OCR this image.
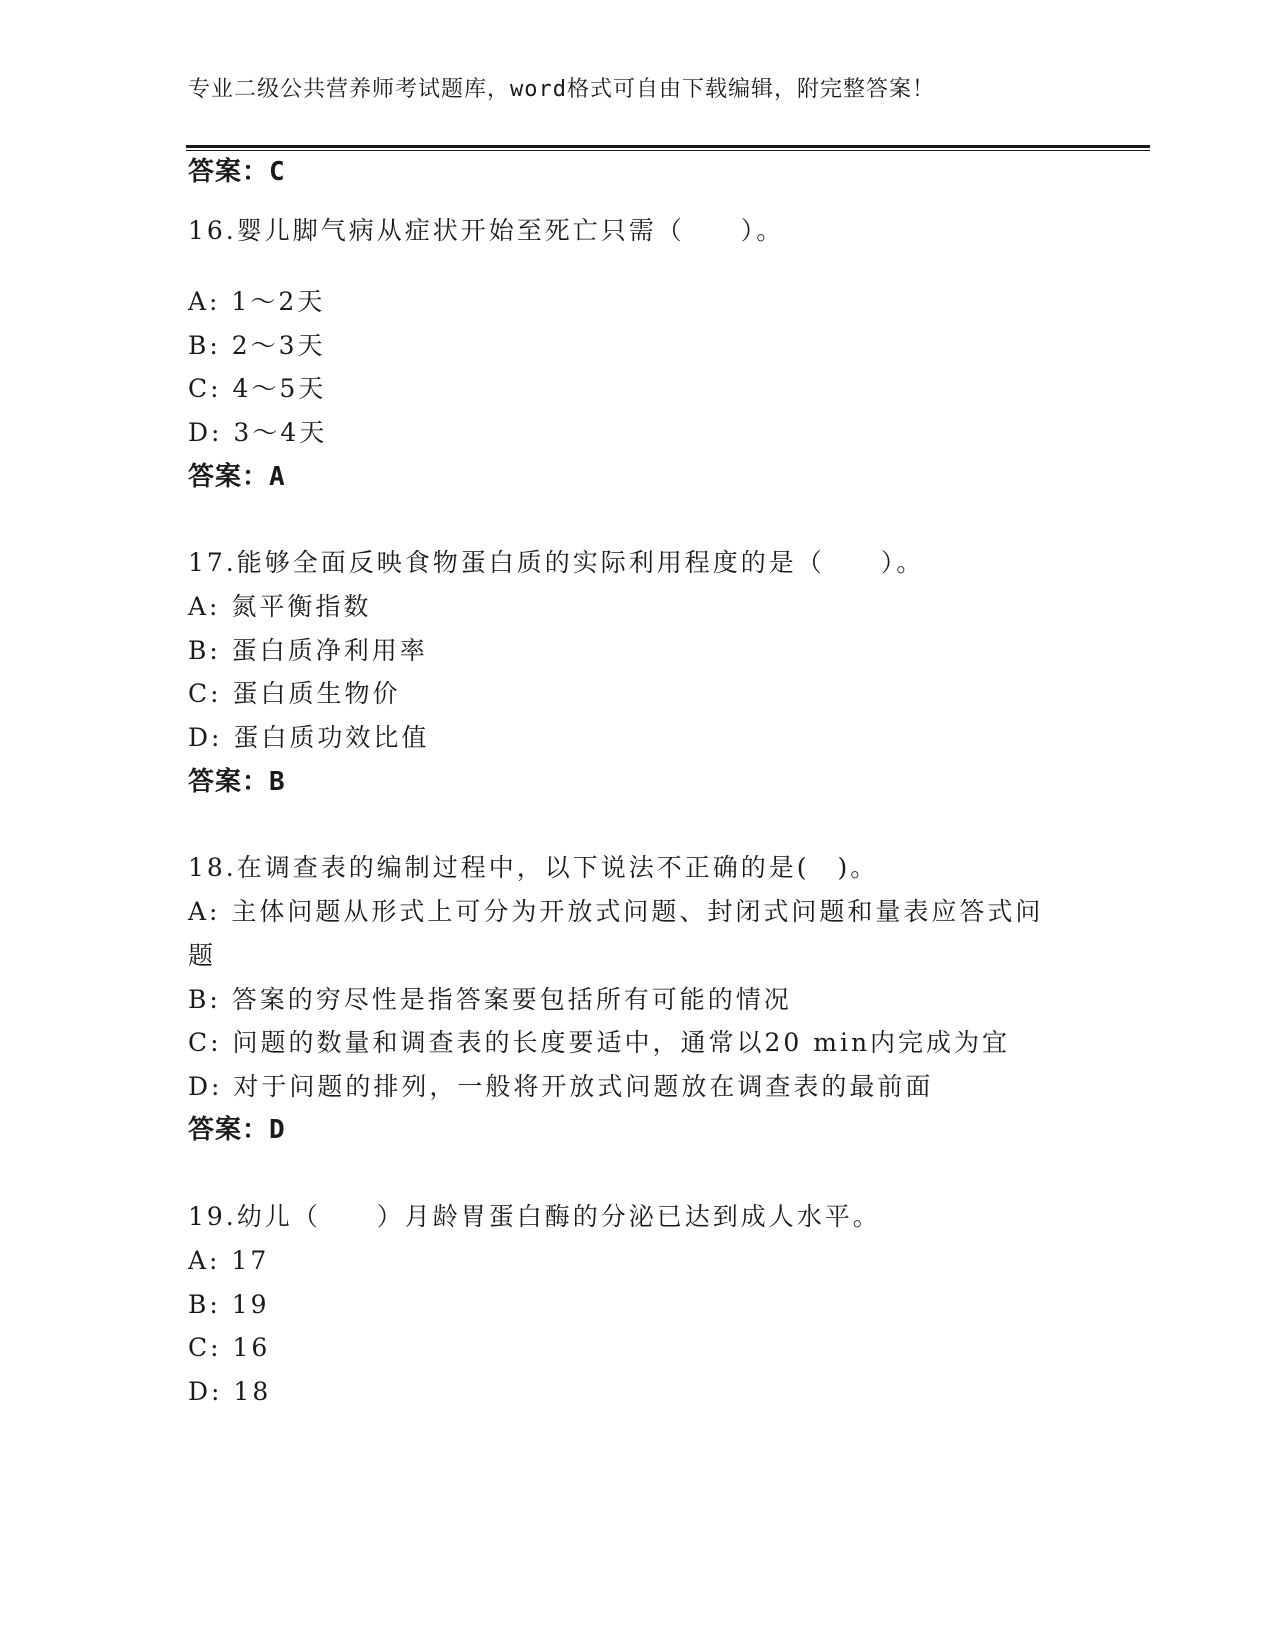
专业二级公共营养师考试题库，word格式可自由下载编辑，附完整答案！
答案：C
16.婴儿脚气病从症状开始至死亡只需（　　）。
A: 1～2天
B: 2～3天
C: 4～5天
D: 3～4天
答案：A
17.能够全面反映食物蛋白质的实际利用程度的是（　　）。
A: 氮平衡指数
B: 蛋白质净利用率
C: 蛋白质生物价
D: 蛋白质功效比值
答案：B
18.在调查表的编制过程中，以下说法不正确的是(　)。
A: 主体问题从形式上可分为开放式问题、封闭式问题和量表应答式问
题
B: 答案的穷尽性是指答案要包括所有可能的情况
C: 问题的数量和调查表的长度要适中，通常以20 min内完成为宜
D: 对于问题的排列，一般将开放式问题放在调查表的最前面
答案：D
19.幼儿（　　）月龄胃蛋白酶的分泌已达到成人水平。
A: 17
B: 19
C: 16
D: 18
